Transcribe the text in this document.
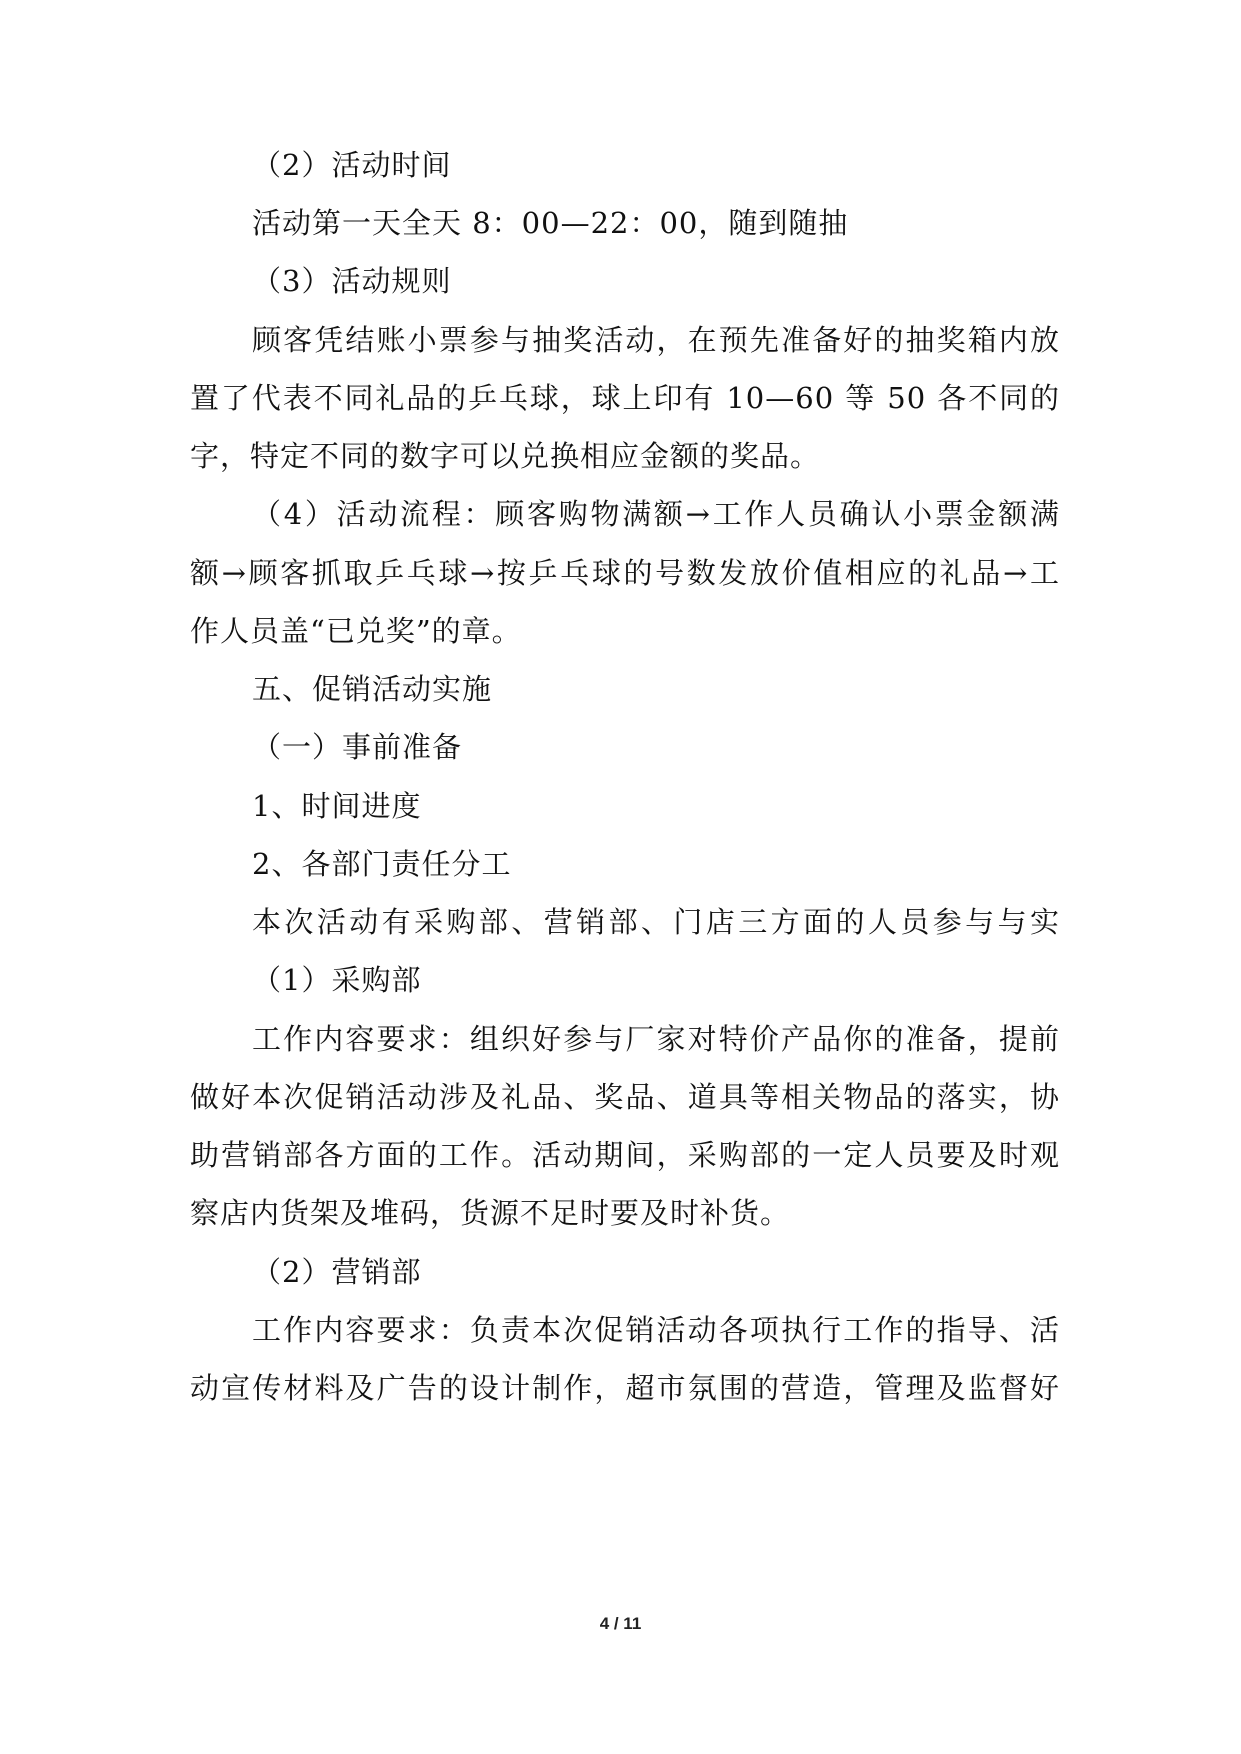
（2）活动时间
活动第一天全天 8：00—22：00，随到随抽
（3）活动规则
顾客凭结账小票参与抽奖活动，在预先准备好的抽奖箱内放
置了代表不同礼品的乒乓球，球上印有 10—60 等 50 各不同的
字，特定不同的数字可以兑换相应金额的奖品。
（4）活动流程：顾客购物满额→工作人员确认小票金额满
额→顾客抓取乒乓球→按乒乓球的号数发放价值相应的礼品→工
作人员盖“已兑奖”的章。
五、促销活动实施
（一）事前准备
1、时间进度
2、各部门责任分工
本次活动有采购部、营销部、门店三方面的人员参与与实
（1）采购部
工作内容要求：组织好参与厂家对特价产品你的准备，提前
做好本次促销活动涉及礼品、奖品、道具等相关物品的落实，协
助营销部各方面的工作。活动期间，采购部的一定人员要及时观
察店内货架及堆码，货源不足时要及时补货。
（2）营销部
工作内容要求：负责本次促销活动各项执行工作的指导、活
动宣传材料及广告的设计制作，超市氛围的营造，管理及监督好
4 / 11
